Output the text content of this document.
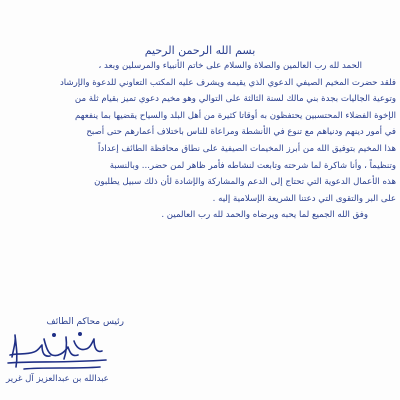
بسم الله الرحمن الرحيم
الحمد لله رب العالمين والصلاة والسلام على خاتم الأنبياء والمرسلين وبعد ،
فلقد حضرت المخيم الصيفي الدعوي الذي يقيمه ويشرف عليه المكتب التعاوني للدعوة والإرشاد
وتوعية الجاليات بجدة بني مالك لسنة الثالثة على التوالي وهو مخيم دعوي تميز بقيام ثلة من
الإخوة الفضلاء المحتسبين يحتفظون به أوقاتا كثيرة من أهل البلد والسياح يقضيها بما ينفعهم
في أمور دينهم ودنياهم مع تنوع في الأنشطة ومراعاة للناس باختلاف أعمارهم حتى أصبح
هذا المخيم بتوفيق الله من أبرز المخيمات الصيفية على نطاق محافظة الطائف إعداداً
وتنظيماً ، وأنا شاكرة لما شرحته وتابعت لنشاطه فأمر ظاهر لمن حضر... وبالنسبة
هذه الأعمال الدعوية التي تحتاج إلى الدعم والمشاركة والإشادة لأن ذلك سبيل يطلبون
على البر والتقوى التي دعتنا الشريعة الإسلامية إليه .
وفق الله الجميع لما يحبه ويرضاه والحمد لله رب العالمين .
رئيس محاكم الطائف
عبدالله بن عبدالعزيز آل غرير
